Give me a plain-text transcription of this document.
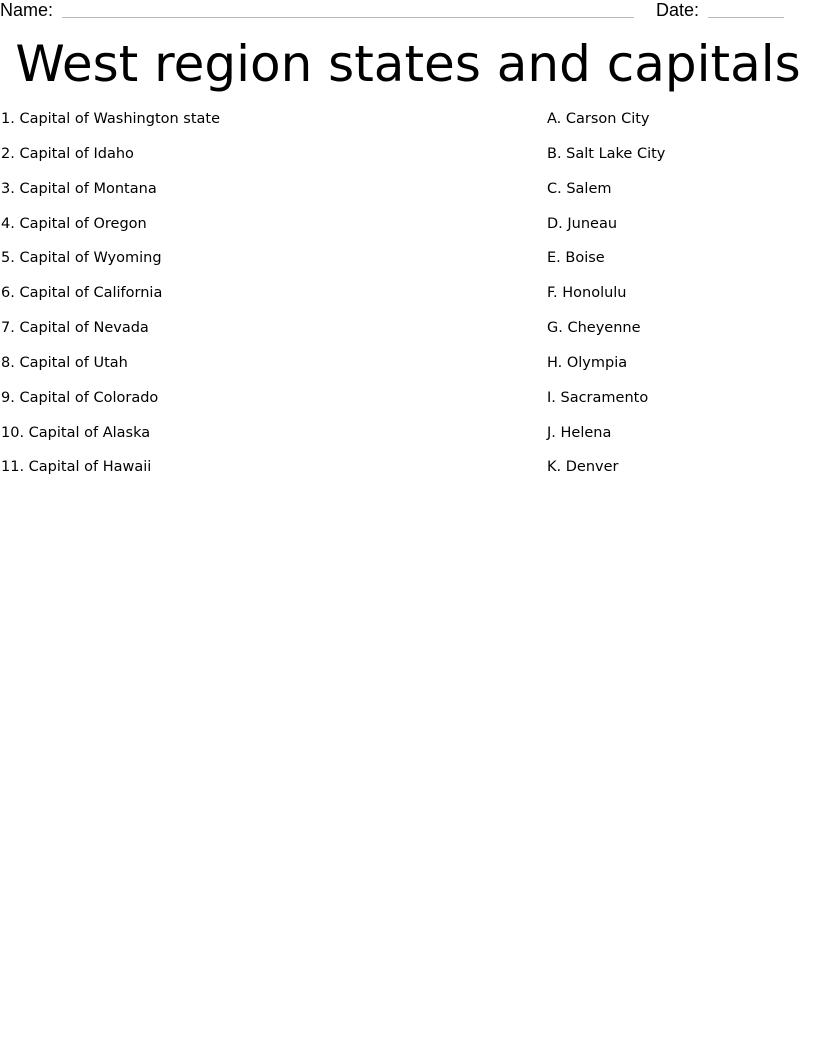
Name:	Date:
West region states and capitals
1. Capital of Washington state
2. Capital of Idaho
3. Capital of Montana
4. Capital of Oregon
5. Capital of Wyoming
6. Capital of California
7. Capital of Nevada
8. Capital of Utah
9. Capital of Colorado
10. Capital of Alaska
11. Capital of Hawaii
A. Carson City
B. Salt Lake City
C. Salem
D. Juneau
E. Boise
F. Honolulu
G. Cheyenne
H. Olympia
I. Sacramento
J. Helena
K. Denver
